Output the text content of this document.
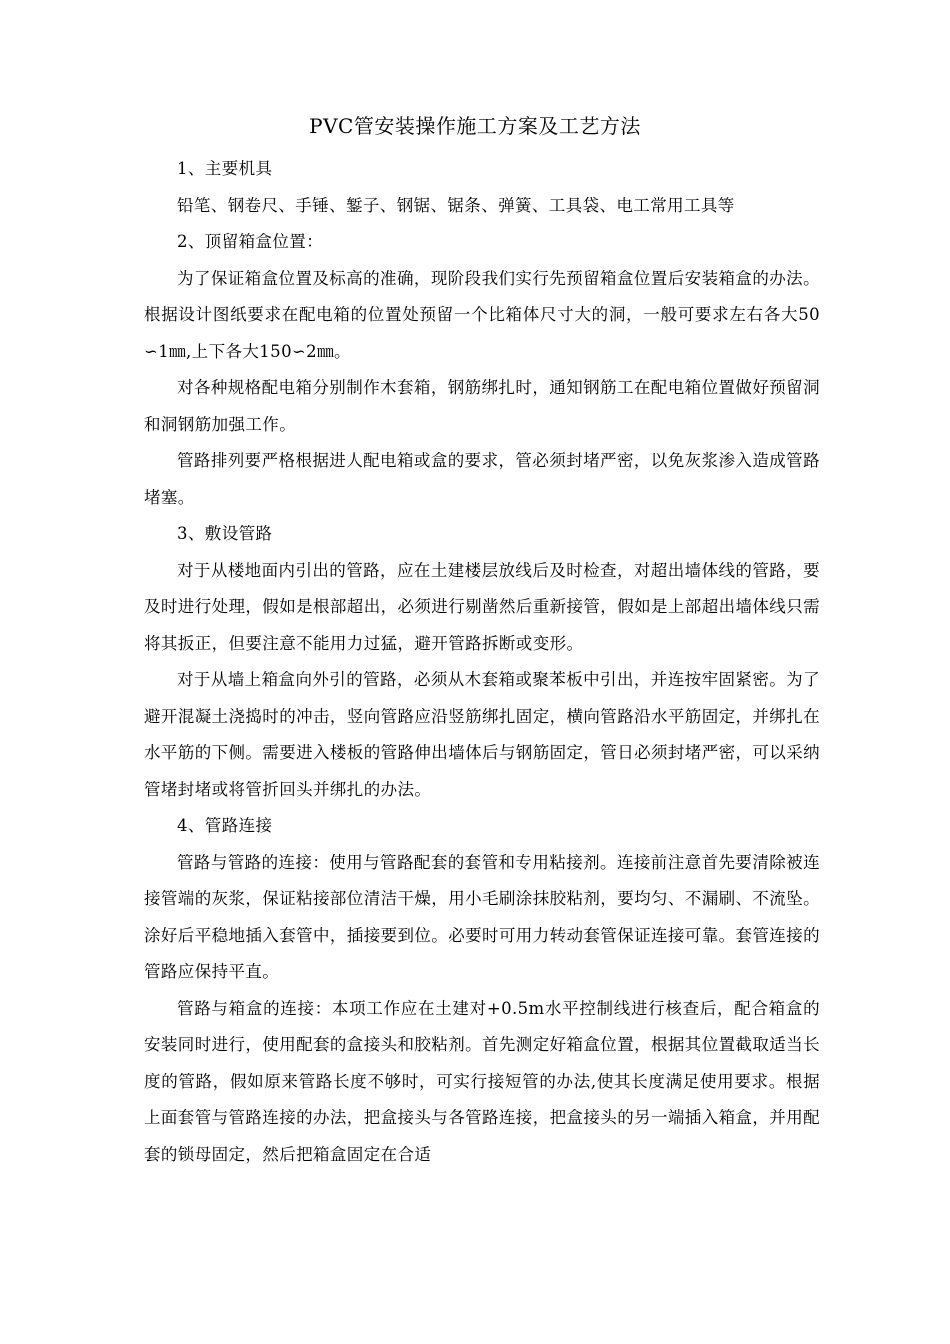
PVC管安装操作施工方案及工艺方法

1、主要机具

铅笔、钢卷尺、手锤、錾子、钢锯、锯条、弹簧、工具袋、电工常用工具等

2、顶留箱盒位置：

为了保证箱盒位置及标高的准确，现阶段我们实行先预留箱盒位置后安装箱盒的办法。根据设计图纸要求在配电箱的位置处预留一个比箱体尺寸大的洞，一般可要求左右各大50∽1㎜,上下各大150∽2㎜。

对各种规格配电箱分别制作木套箱，钢筋绑扎时，通知钢筋工在配电箱位置做好预留洞和洞钢筋加强工作。

管路排列要严格根据进人配电箱或盒的要求，管必须封堵严密，以免灰浆渗入造成管路堵塞。

3、敷设管路

对于从楼地面内引出的管路，应在土建楼层放线后及时检查，对超出墙体线的管路，要及时进行处理，假如是根部超出，必须进行剔凿然后重新接管，假如是上部超出墙体线只需将其扳正，但要注意不能用力过猛，避开管路拆断或变形。

对于从墙上箱盒向外引的管路，必须从木套箱或聚苯板中引出，并连按牢固紧密。为了避开混凝土浇捣时的冲击，竖向管路应沿竖筋绑扎固定，横向管路沿水平筋固定，并绑扎在水平筋的下侧。需要进入楼板的管路伸出墙体后与钢筋固定，管日必须封堵严密，可以采纳管堵封堵或将管折回头并绑扎的办法。

4、管路连接

管路与管路的连接：使用与管路配套的套管和专用粘接剂。连接前注意首先要清除被连接管端的灰浆，保证粘接部位清洁干燥，用小毛刷涂抹胶粘剂，要均匀、不漏刷、不流坠。涂好后平稳地插入套管中，插接要到位。必要时可用力转动套管保证连接可靠。套管连接的管路应保持平直。

管路与箱盒的连接：本项工作应在土建对+0.5m水平控制线进行核查后，配合箱盒的安装同时进行，使用配套的盒接头和胶粘剂。首先测定好箱盒位置，根据其位置截取适当长度的管路，假如原来管路长度不够时，可实行接短管的办法,使其长度满足使用要求。根据上面套管与管路连接的办法，把盒接头与各管路连接，把盒接头的另一端插入箱盒，并用配套的锁母固定，然后把箱盒固定在合适
